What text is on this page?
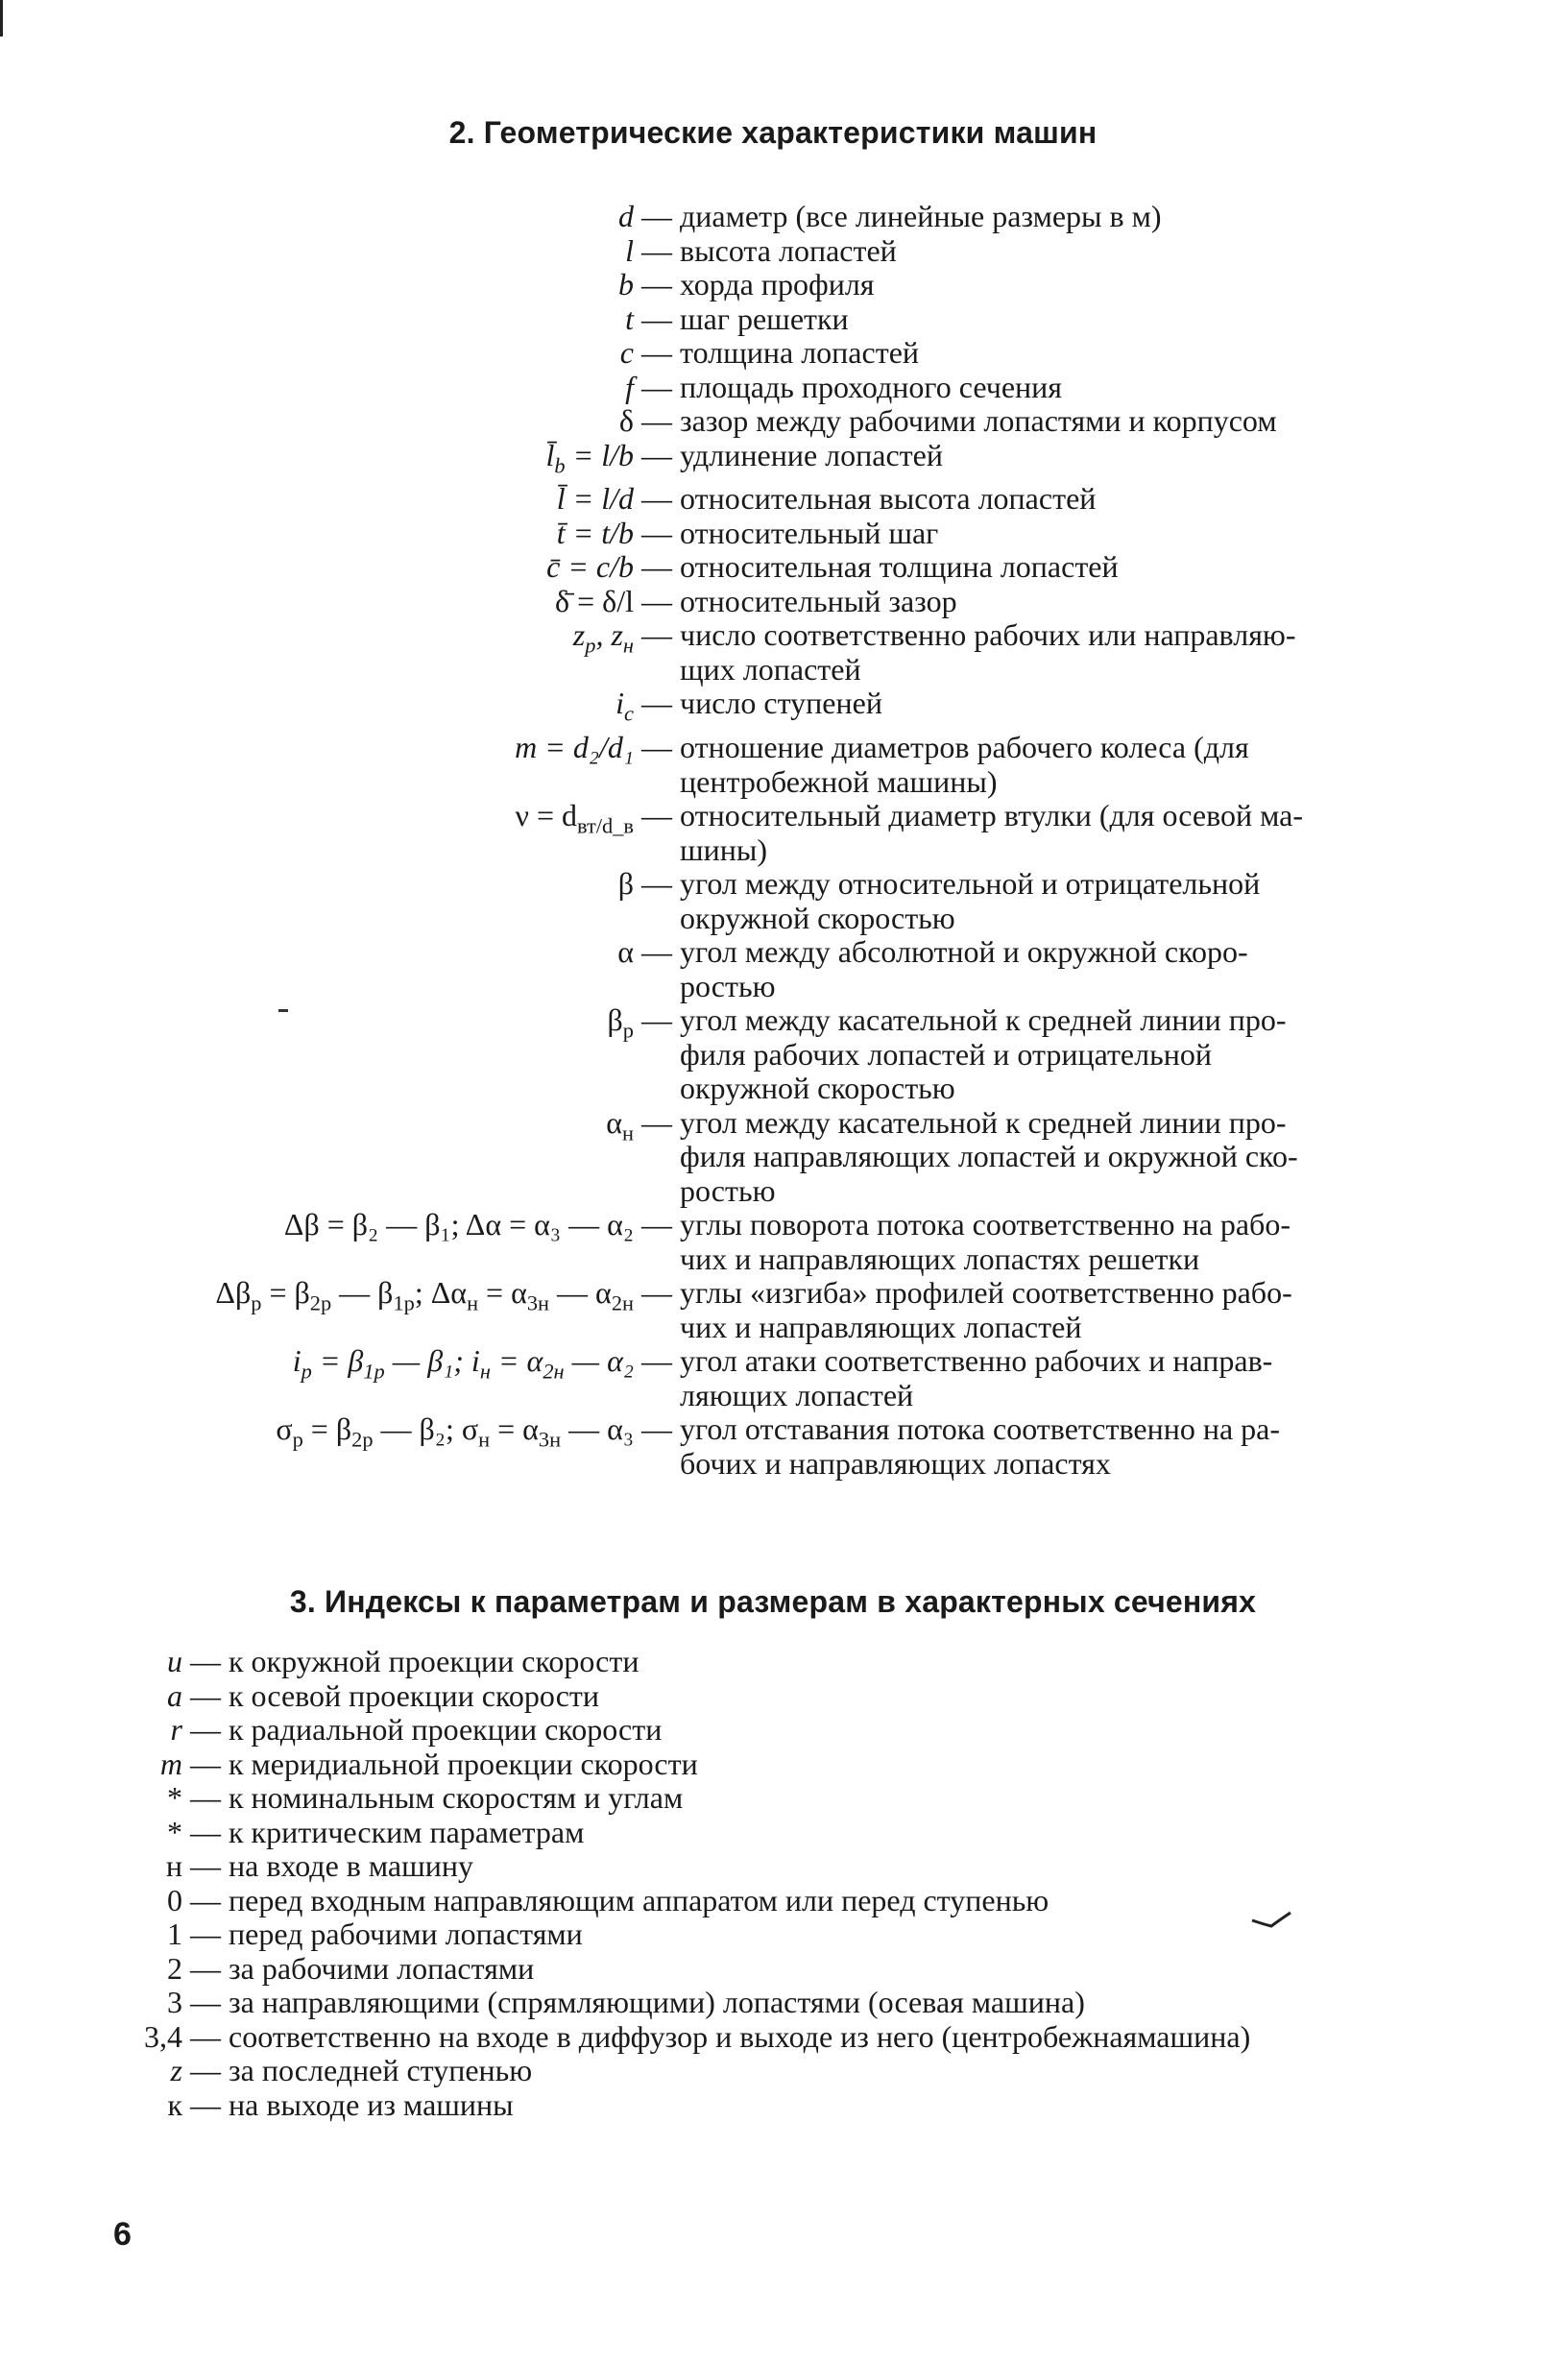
2. Геометрические характеристики машин
d — диаметр (все линейные размеры в м)
l — высота лопастей
b — хорда профиля
t — шаг решетки
c — толщина лопастей
f — площадь проходного сечения
δ — зазор между рабочими лопастями и корпусом
$l̄_b = l/b$ — удлинение лопастей
l̄ = l/d — относительная высота лопастей
t̄ = t/b — относительный шаг
c̄ = c/b — относительная толщина лопастей
δ̄ = δ/l — относительный зазор
$z_р$, $z_н$ — число соответственно рабочих или направляю-
щих лопастей
$i_с$ — число ступеней
m = d₂/d₁ — отношение диаметров рабочего колеса (для
центробежной машины)
$\nu = d_{вт/d\_в}$ — относительный диаметр втулки (для осевой ма-
шины)
β — угол между относительной и отрицательной
окружной скоростью
α — угол между абсолютной и окружной скоро-
ростью
$\beta_р$ — угол между касательной к средней линии про-
филя рабочих лопастей и отрицательной
окружной скоростью
$\alpha_н$ — угол между касательной к средней линии про-
филя направляющих лопастей и окружной ско-
ростью
Δβ = β₂ — β₁; Δα = α₃ — α₂ — углы поворота потока соответственно на рабо-
чих и направляющих лопастях решетки
$\Delta\beta_р = \beta_{2р}$ — $\beta_{1р}$; $\Delta\alpha_н = \alpha_{3н}$ — $\alpha_{2н}$ — углы «изгиба» профилей соответственно рабо-
чих и направляющих лопастей
$i_р = \beta_{1р}$ — β₁; $i_н = \alpha_{2н}$ — α₂ — угол атаки соответственно рабочих и направ-
ляющих лопастей
$\sigma_р = \beta_{2р}$ — β₂; $\sigma_н = \alpha_{3н}$ — α₃ — угол отставания потока соответственно на ра-
бочих и направляющих лопастях
3. Индексы к параметрам и размерам в характерных сечениях
u — к окружной проекции скорости
a — к осевой проекции скорости
r — к радиальной проекции скорости
m — к меридиальной проекции скорости
* — к номинальным скоростям и углам
* — к критическим параметрам
н — на входе в машину
0 — перед входным направляющим аппаратом или перед ступенью
1 — перед рабочими лопастями
2 — за рабочими лопастями
3 — за направляющими (спрямляющими) лопастями (осевая машина)
3,4 — соответственно на входе в диффузор и выходе из него (центробежнаямашина)
z — за последней ступенью
к — на выходе из машины
6
